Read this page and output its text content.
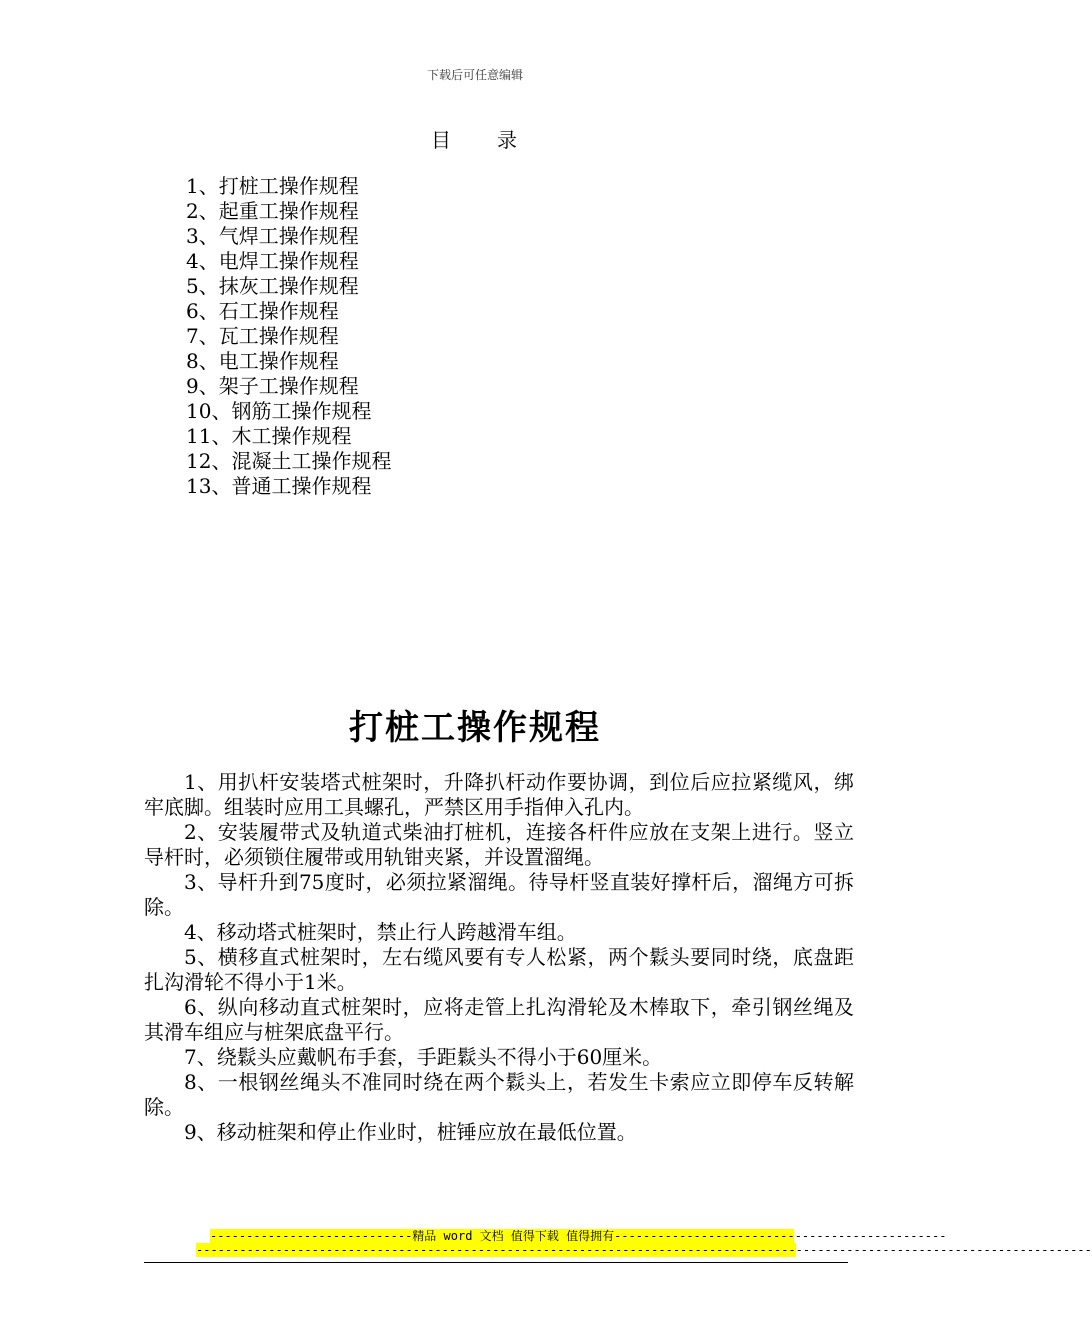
下载后可任意编辑
目 录
1、打桩工操作规程
2、起重工操作规程
3、气焊工操作规程
4、电焊工操作规程
5、抹灰工操作规程
6、石工操作规程
7、瓦工操作规程
8、电工操作规程
9、架子工操作规程
10、钢筋工操作规程
11、木工操作规程
12、混凝土工操作规程
13、普通工操作规程
打桩工操作规程

1、用扒杆安装塔式桩架时，升降扒杆动作要协调，到位后应拉紧缆风，绑牢底脚。组装时应用工具螺孔，严禁区用手指伸入孔内。

2、安装履带式及轨道式柴油打桩机，连接各杆件应放在支架上进行。竖立导杆时，必须锁住履带或用轨钳夹紧，并设置溜绳。

3、导杆升到75度时，必须拉紧溜绳。待导杆竖直装好撑杆后，溜绳方可拆除。

4、移动塔式桩架时，禁止行人跨越滑车组。

5、横移直式桩架时，左右缆风要有专人松紧，两个鬏头要同时绕，底盘距扎沟滑轮不得小于1米。

6、纵向移动直式桩架时，应将走管上扎沟滑轮及木棒取下，牵引钢丝绳及其滑车组应与桩架底盘平行。

7、绕鬏头应戴帆布手套，手距鬏头不得小于60厘米。

8、一根钢丝绳头不准同时绕在两个鬏头上，若发生卡索应立即停车反转解除。

9、移动桩架和停止作业时，桩锤应放在最低位置。

----------------------------精品 word 文档 值得下载 值得拥有----------------------------------------------
----------------------------------------------------------------------------------------------------------------------------
